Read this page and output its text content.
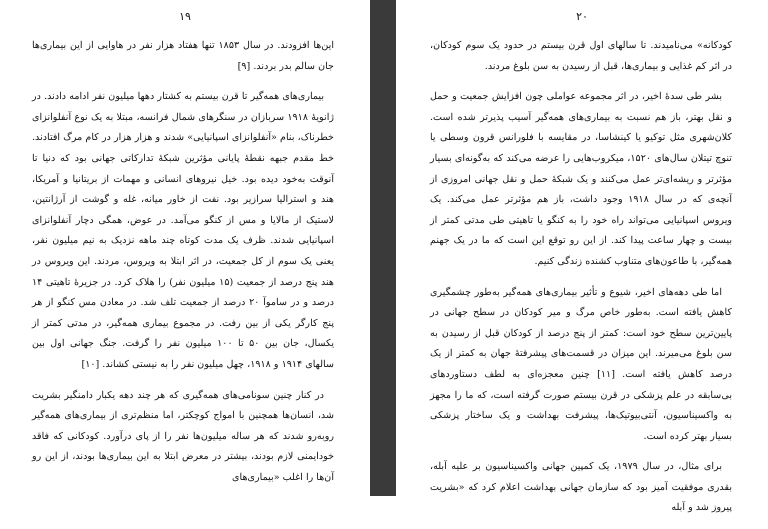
۱۹

این‌ها افزودند. در سال ۱۸۵۳ تنها هفتاد هزار نفر در هاوایی از این بیماری‌ها جان سالم بدر بردند. [۹]

بیماری‌های همه‌گیر تا قرن بیستم به کشتار دهها میلیون نفر ادامه دادند. در ژانویهٔ ۱۹۱۸ سربازان در سنگرهای شمال فرانسه، مبتلا به یک نوع آنفلوانزای خطرناک، بنام «آنفلوانزای اسپانیایی» شدند و هزار هزار در کام مرگ افتادند. خط مقدم جبهه نقطهٔ پایانی مؤثرین شبکهٔ تدارکاتی جهانی بود که دنیا تا آنوقت به‌خود دیده بود. خیل نیروهای انسانی و مهمات از بریتانیا و آمریکا، هند و استرالیا سرازیر بود. نفت از خاور میانه، غله و گوشت از آرژانتین، لاستیک از مالایا و مس از کنگو می‌آمد. در عوض، همگی دچار آنفلوانزای اسپانیایی شدند. ظرف یک مدت کوتاه چند ماهه نزدیک به نیم میلیون نفر، یعنی یک سوم از کل جمعیت، در اثر ابتلا به ویروس، مردند. این ویروس در هند پنج درصد از جمعیت (۱۵ میلیون نفر) را هلاک کرد. در جزیرهٔ تاهیتی ۱۴ درصد و در ساموآ ۲۰ درصد از جمعیت تلف شد. در معادن مس کنگو از هر پنج کارگر یکی از بین رفت. در مجموع بیماری همه‌گیر، در مدتی کمتر از یکسال، جان بین ۵۰ تا ۱۰۰ میلیون نفر را گرفت. جنگ جهانی اول بین سالهای ۱۹۱۴ و ۱۹۱۸، چهل میلیون نفر را به نیستی کشاند. [۱۰]

در کنار چنین سونامی‌های همه‌گیری که هر چند دهه یکبار دامنگیر بشریت شد، انسان‌ها همچنین با امواج کوچکتر، اما منظم‌تری از بیماری‌های همه‌گیر روبه‌رو شدند که هر ساله میلیون‌ها نفر را از پای درآورد. کودکانی که فاقد خودایمنی لازم بودند، بیشتر در معرض ابتلا به این بیماری‌ها بودند، از این رو آن‌ها را اغلب «بیماری‌های

۲۰

کودکانه» می‌نامیدند. تا سالهای اول قرن بیستم در حدود یک سوم کودکان، در اثر کم غذایی و بیماری‌ها، قبل از رسیدن به سن بلوغ مردند.

بشر طی سدهٔ اخیر، در اثر مجموعه عواملی چون افزایش جمعیت و حمل و نقل بهتر، باز هم نسبت به بیماری‌های همه‌گیر آسیب پذیرتر شده است. کلان‌شهری مثل توکیو یا کینشاسا، در مقایسه با فلورانس قرون وسطی یا تنوچ تیتلان سال‌های ۱۵۲۰، میکروب‌هایی را عرضه می‌کند که به‌گونه‌ای بسیار مؤثرتر و ریشه‌ای‌تر عمل می‌کنند و یک شبکهٔ حمل و نقل جهانی امروزی از آنچه‌ی که در سال ۱۹۱۸ وجود داشت، باز هم مؤثرتر عمل می‌کند. یک ویروس اسپانیایی می‌تواند راه خود را به کنگو یا تاهیتی طی مدتی کمتر از بیست و چهار ساعت پیدا کند. از این رو توقع این است که ما در یک جهنم همه‌گیر، با طاعون‌های متناوب کشنده زندگی کنیم.

اما طی دهه‌های اخیر، شیوع و تأثیر بیماری‌های همه‌گیر به‌طور چشمگیری کاهش یافته است. به‌طور خاص مرگ و میر کودکان در سطح جهانی در پایین‌ترین سطح خود است: کمتر از پنج درصد از کودکان قبل از رسیدن به سن بلوغ می‌میرند. این میزان در قسمت‌های پیشرفتهٔ جهان به کمتر از یک درصد کاهش یافته است. [۱۱] چنین معجزه‌ای به لطف دستاوردهای بی‌سابقه در علم پزشکی در قرن بیستم صورت گرفته است، که ما را مجهز به واکسیناسیون، آنتی‌بیوتیک‌ها، پیشرفت بهداشت و یک ساختار پزشکی بسیار بهتر کرده است.

برای مثال، در سال ۱۹۷۹، یک کمپین جهانی واکسیناسیون بر علیه آبله، بقدری موفقیت آمیز بود که سازمان جهانی بهداشت اعلام کرد که «بشریت پیروز شد و آبله
